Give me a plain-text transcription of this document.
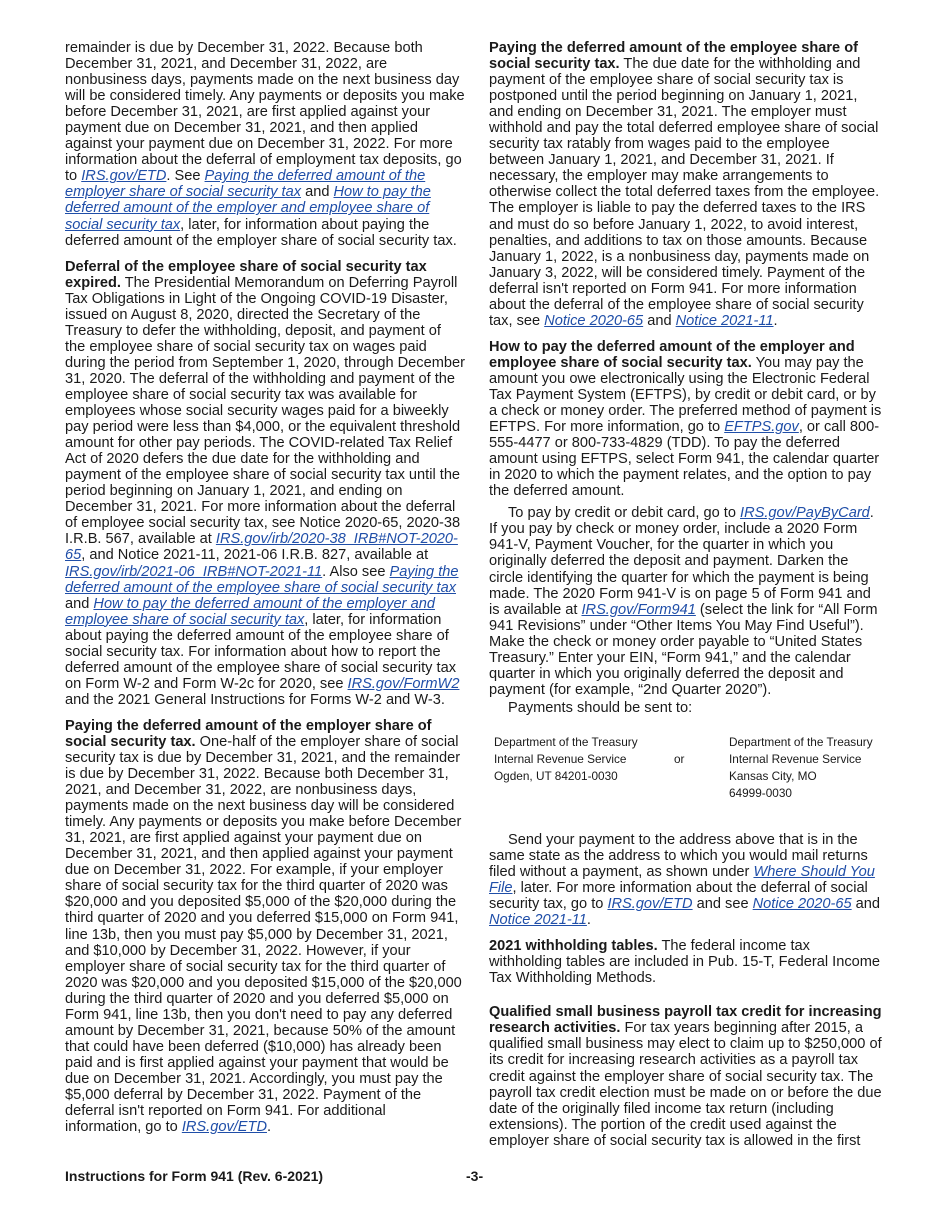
remainder is due by December 31, 2022. Because both December 31, 2021, and December 31, 2022, are nonbusiness days, payments made on the next business day will be considered timely. Any payments or deposits you make before December 31, 2021, are first applied against your payment due on December 31, 2021, and then applied against your payment due on December 31, 2022. For more information about the deferral of employment tax deposits, go to IRS.gov/ETD. See Paying the deferred amount of the employer share of social security tax and How to pay the deferred amount of the employer and employee share of social security tax, later, for information about paying the deferred amount of the employer share of social security tax.

Deferral of the employee share of social security tax expired. The Presidential Memorandum on Deferring Payroll Tax Obligations in Light of the Ongoing COVID-19 Disaster, issued on August 8, 2020, directed the Secretary of the Treasury to defer the withholding, deposit, and payment of the employee share of social security tax on wages paid during the period from September 1, 2020, through December 31, 2020. The deferral of the withholding and payment of the employee share of social security tax was available for employees whose social security wages paid for a biweekly pay period were less than $4,000, or the equivalent threshold amount for other pay periods. The COVID-related Tax Relief Act of 2020 defers the due date for the withholding and payment of the employee share of social security tax until the period beginning on January 1, 2021, and ending on December 31, 2021. For more information about the deferral of employee social security tax, see Notice 2020-65, 2020-38 I.R.B. 567, available at IRS.gov/irb/2020-38_IRB#NOT-2020-65, and Notice 2021-11, 2021-06 I.R.B. 827, available at IRS.gov/irb/2021-06_IRB#NOT-2021-11. Also see Paying the deferred amount of the employee share of social security tax and How to pay the deferred amount of the employer and employee share of social security tax, later, for information about paying the deferred amount of the employee share of social security tax. For information about how to report the deferred amount of the employee share of social security tax on Form W-2 and Form W-2c for 2020, see IRS.gov/FormW2 and the 2021 General Instructions for Forms W-2 and W-3.

Paying the deferred amount of the employer share of social security tax. One-half of the employer share of social security tax is due by December 31, 2021, and the remainder is due by December 31, 2022. Because both December 31, 2021, and December 31, 2022, are nonbusiness days, payments made on the next business day will be considered timely. Any payments or deposits you make before December 31, 2021, are first applied against your payment due on December 31, 2021, and then applied against your payment due on December 31, 2022. For example, if your employer share of social security tax for the third quarter of 2020 was $20,000 and you deposited $5,000 of the $20,000 during the third quarter of 2020 and you deferred $15,000 on Form 941, line 13b, then you must pay $5,000 by December 31, 2021, and $10,000 by December 31, 2022. However, if your employer share of social security tax for the third quarter of 2020 was $20,000 and you deposited $15,000 of the $20,000 during the third quarter of 2020 and you deferred $5,000 on Form 941, line 13b, then you don't need to pay any deferred amount by December 31, 2021, because 50% of the amount that could have been deferred ($10,000) has already been paid and is first applied against your payment that would be due on December 31, 2021. Accordingly, you must pay the $5,000 deferral by December 31, 2022. Payment of the deferral isn't reported on Form 941. For additional information, go to IRS.gov/ETD.

Paying the deferred amount of the employee share of social security tax. The due date for the withholding and payment of the employee share of social security tax is postponed until the period beginning on January 1, 2021, and ending on December 31, 2021. The employer must withhold and pay the total deferred employee share of social security tax ratably from wages paid to the employee between January 1, 2021, and December 31, 2021. If necessary, the employer may make arrangements to otherwise collect the total deferred taxes from the employee. The employer is liable to pay the deferred taxes to the IRS and must do so before January 1, 2022, to avoid interest, penalties, and additions to tax on those amounts. Because January 1, 2022, is a nonbusiness day, payments made on January 3, 2022, will be considered timely. Payment of the deferral isn't reported on Form 941. For more information about the deferral of the employee share of social security tax, see Notice 2020-65 and Notice 2021-11.

How to pay the deferred amount of the employer and employee share of social security tax. You may pay the amount you owe electronically using the Electronic Federal Tax Payment System (EFTPS), by credit or debit card, or by a check or money order. The preferred method of payment is EFTPS. For more information, go to EFTPS.gov, or call 800-555-4477 or 800-733-4829 (TDD). To pay the deferred amount using EFTPS, select Form 941, the calendar quarter in 2020 to which the payment relates, and the option to pay the deferred amount.

To pay by credit or debit card, go to IRS.gov/PayByCard. If you pay by check or money order, include a 2020 Form 941-V, Payment Voucher, for the quarter in which you originally deferred the deposit and payment. Darken the circle identifying the quarter for which the payment is being made. The 2020 Form 941-V is on page 5 of Form 941 and is available at IRS.gov/Form941 (select the link for “All Form 941 Revisions” under “Other Items You May Find Useful”). Make the check or money order payable to “United States Treasury.” Enter your EIN, “Form 941,” and the calendar quarter in which you originally deferred the deposit and payment (for example, “2nd Quarter 2020”).

Payments should be sent to:

Department of the Treasury
Internal Revenue Service
Ogden, UT 84201-0030
	or	
Department of the Treasury
Internal Revenue Service
Kansas City, MO
64999-0030

Send your payment to the address above that is in the same state as the address to which you would mail returns filed without a payment, as shown under Where Should You File, later. For more information about the deferral of social security tax, go to IRS.gov/ETD and see Notice 2020-65 and Notice 2021-11.

2021 withholding tables. The federal income tax withholding tables are included in Pub. 15-T, Federal Income Tax Withholding Methods.

Qualified small business payroll tax credit for increasing research activities. For tax years beginning after 2015, a qualified small business may elect to claim up to $250,000 of its credit for increasing research activities as a payroll tax credit against the employer share of social security tax. The payroll tax credit election must be made on or before the due date of the originally filed income tax return (including extensions). The portion of the credit used against the employer share of social security tax is allowed in the first

Instructions for Form 941 (Rev. 6-2021)	-3-
